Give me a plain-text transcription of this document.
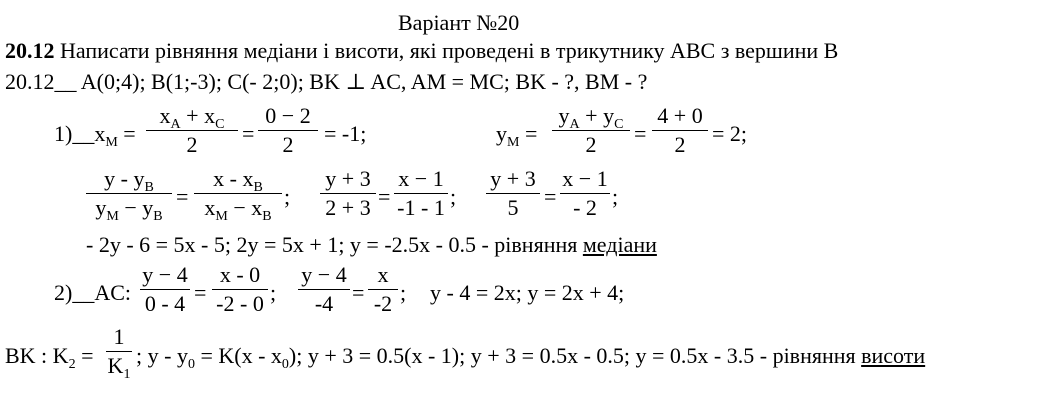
Варіант №20
20.12 Написати рівняння медіани і висоти, які проведені в трикутнику ABC з вершини B
20.12__ A(0;4); B(1;-3); C(- 2;0); BK ⊥ AC, AM = MC; BK - ?, BM - ?
$1)\_\_x_M$ =
$x_A + x_C$
2	=
0 − 2
2	= -1;	$y_M$ =
$y_A + y_C$
2	=
4 + 0
2	= 2;
y - $y_B$
$y_M - y_B$
=
x - $x_B$
$x_M - x_B$
;
y + 3
2 + 3 =
x − 1
-1 - 1 ;
y + 3
5	=
x − 1
- 2 ;
- 2y - 6 = 5x - 5; 2y = 5x + 1; y = -2.5x - 0.5 - рівняння медіани
2)__AC:
y − 4
0 - 4 =
x - 0
-2 - 0 ;
y − 4
-4 =
x
-2 ; y - 4 = 2x; y = 2x + 4;
BK : $K_2$ =
1
$K_1$
; $y - y_0 = K(x - x_0)$; y + 3 = 0.5(x - 1); y + 3 = 0.5x - 0.5; y = 0.5x - 3.5 - рівняння висоти
